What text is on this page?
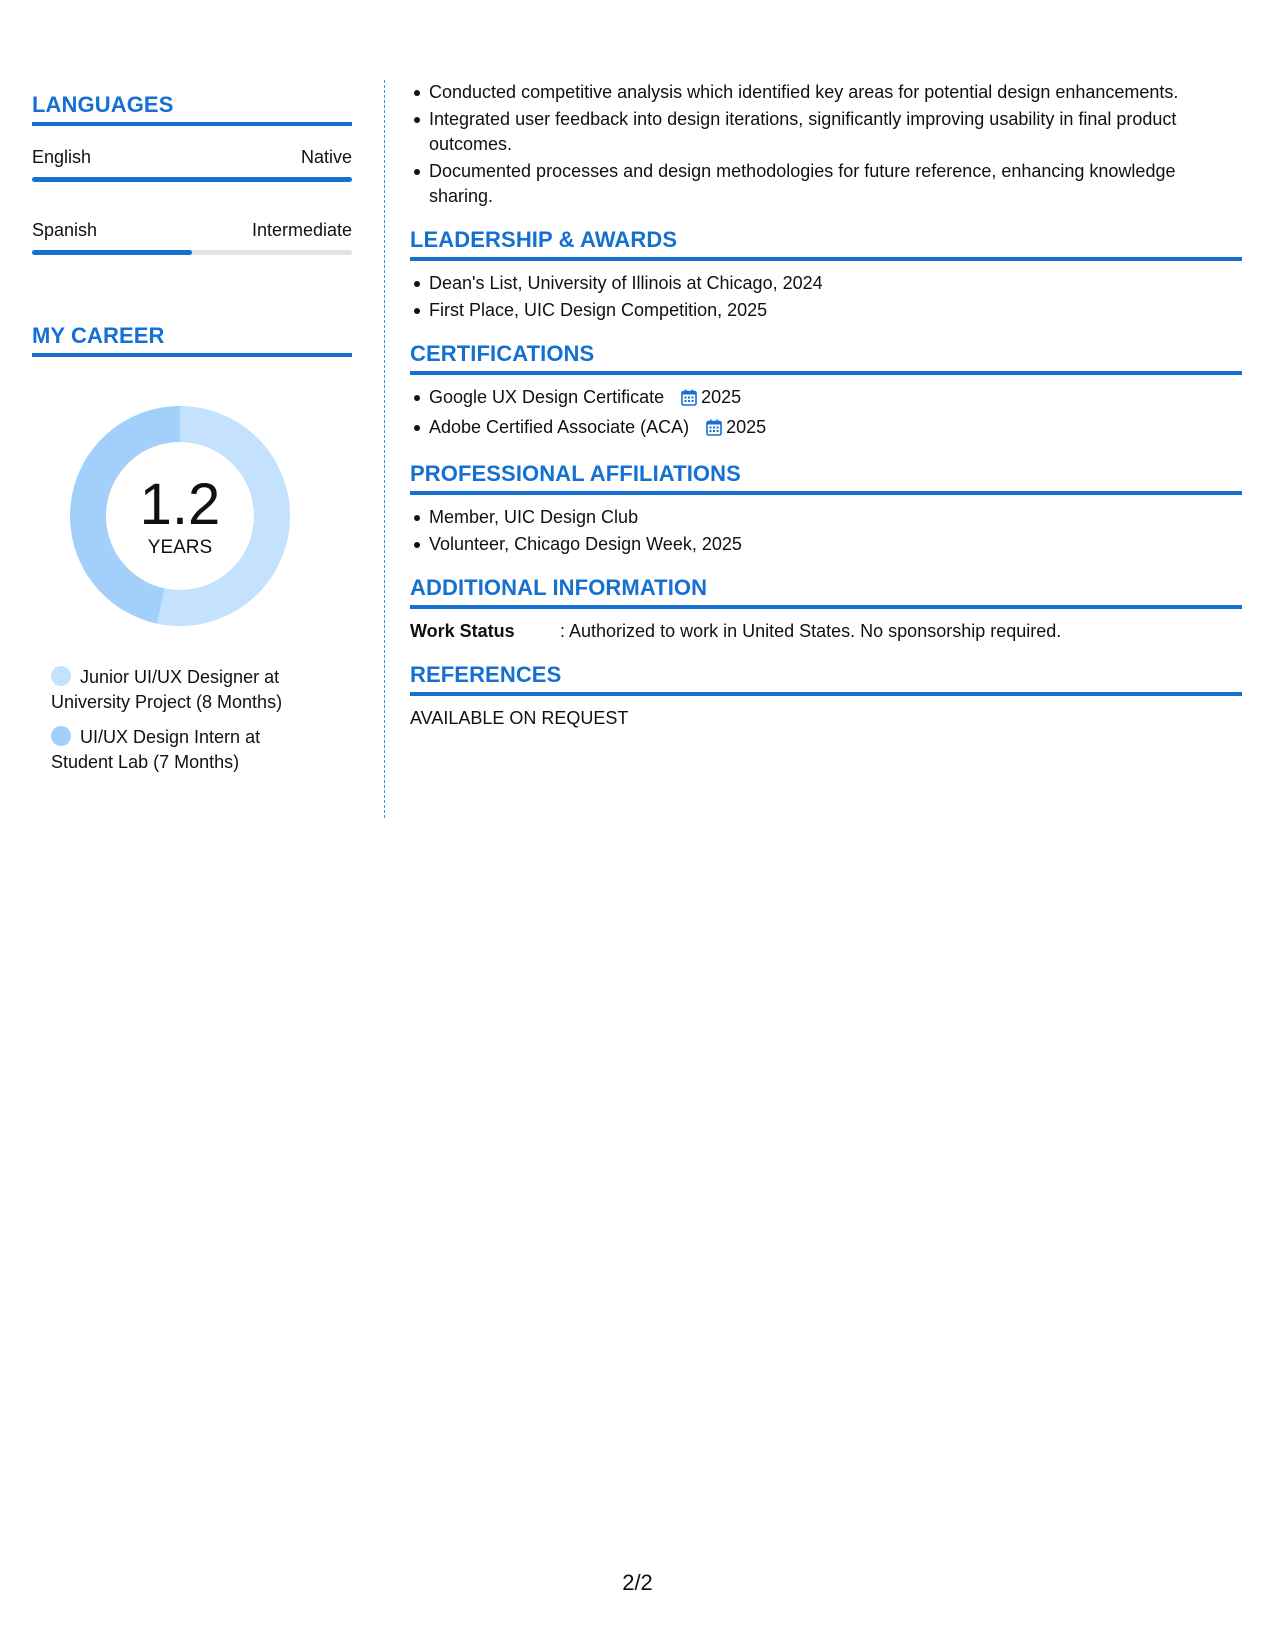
LANGUAGES
English	Native
Spanish	Intermediate
MY CAREER
1.2
YEARS
Junior UI/UX Designer at University Project (8 Months)
UI/UX Design Intern at Student Lab (7 Months)
Conducted competitive analysis which identified key areas for potential design enhancements.
Integrated user feedback into design iterations, significantly improving usability in final product outcomes.
Documented processes and design methodologies for future reference, enhancing knowledge sharing.
LEADERSHIP & AWARDS
Dean's List, University of Illinois at Chicago, 2024
First Place, UIC Design Competition, 2025
CERTIFICATIONS
Google UX Design Certificate 2025
Adobe Certified Associate (ACA) 2025
PROFESSIONAL AFFILIATIONS
Member, UIC Design Club
Volunteer, Chicago Design Week, 2025
ADDITIONAL INFORMATION
Work Status	: Authorized to work in United States. No sponsorship required.
REFERENCES
AVAILABLE ON REQUEST
2/2
